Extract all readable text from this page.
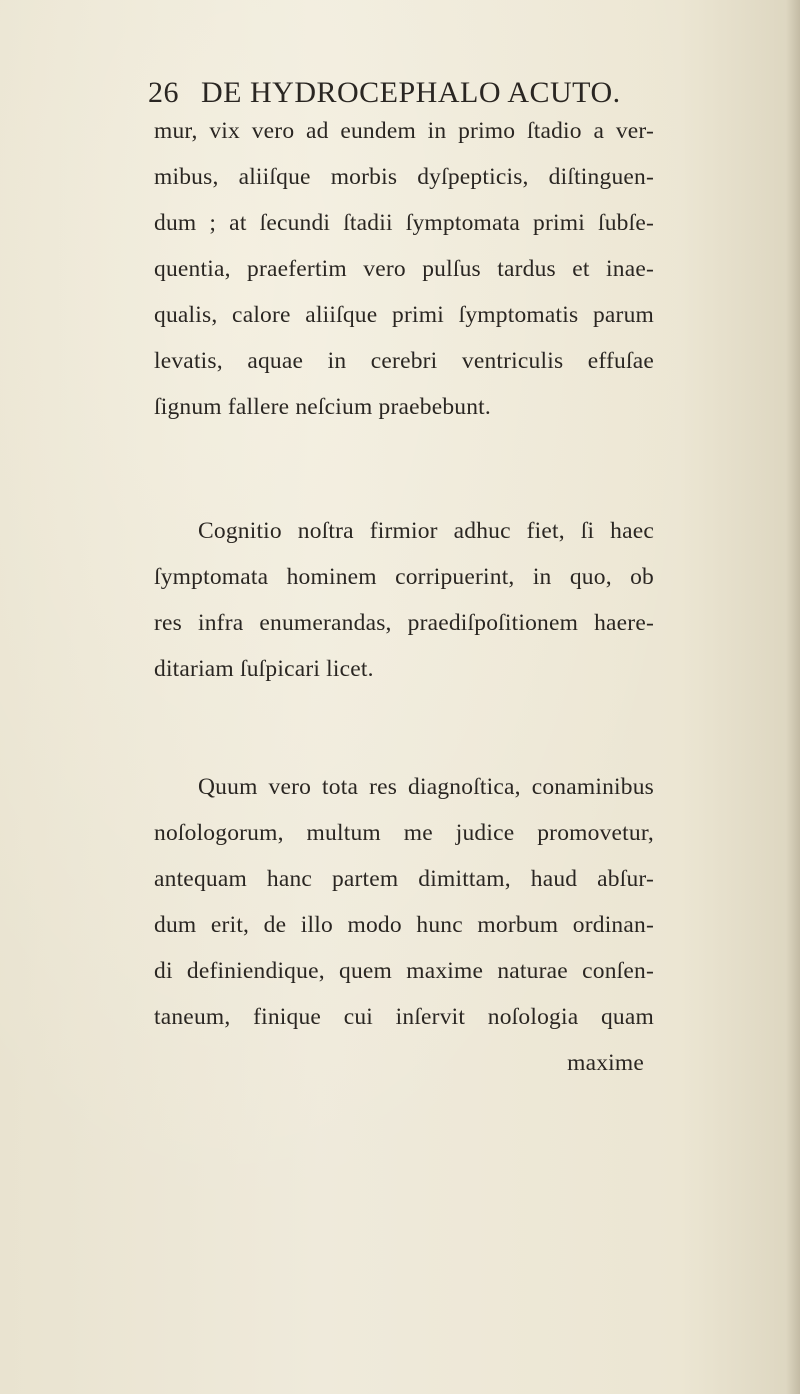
26 DE HYDROCEPHALO ACUTO.
mur, vix vero ad eundem in primo ſtadio a ver-
mibus, aliiſque morbis dyſpepticis, diſtinguen-
dum ; at ſecundi ſtadii ſymptomata primi ſubſe-
quentia, praefertim vero pulſus tardus et inae-
qualis, calore aliiſque primi ſymptomatis parum
levatis, aquae in cerebri ventriculis effuſae
ſignum fallere neſcium praebebunt.
Cognitio noſtra firmior adhuc fiet, ſi haec
ſymptomata hominem corripuerint, in quo, ob
res infra enumerandas, praediſpoſitionem haere-
ditariam ſuſpicari licet.
Quum vero tota res diagnoſtica, conaminibus
noſologorum, multum me judice promovetur,
antequam hanc partem dimittam, haud abſur-
dum erit, de illo modo hunc morbum ordinan-
di definiendique, quem maxime naturae conſen-
taneum, finique cui inſervit noſologia quam
maxime
